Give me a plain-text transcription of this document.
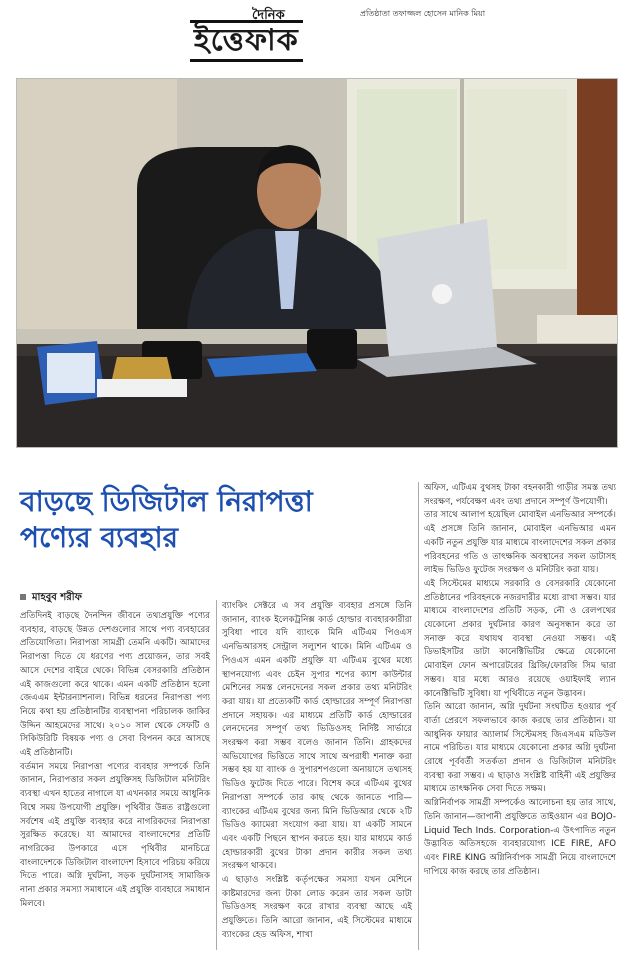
দৈনিক	প্রতিষ্ঠাতা তফাজ্জল হোসেন মানিক মিয়া
ইত্তেফাক
বাড়ছে ডিজিটাল নিরাপত্তা
পণ্যের ব্যবহার
মাহবুব শরীফ

প্রতিদিনই বাড়ছে দৈনন্দিন জীবনে তথ্যপ্রযুক্তি পণ্যের ব্যবহার, বাড়ছে উন্নত দেশগুলোর সাথে পণ্য ব্যবহারের প্রতিযোগিতা। নিরাপত্তা সামগ্রী তেমনি একটি। আমাদের নিরাপত্তা দিতে যে ধরণের পণ্য প্রয়োজন, তার সবই আসে দেশের বাইরে থেকে। বিভিন্ন বেসরকারি প্রতিষ্ঠান এই কাজগুলো করে থাকে। এমন একটি প্রতিষ্ঠান হলো জেএএম ইন্টারন্যাশনাল। বিভিন্ন ধরনের নিরাপত্তা পণ্য নিয়ে কথা হয় প্রতিষ্ঠানটির ব্যবস্থাপনা পরিচালক জাকির উদ্দিন আহমেদের সাথে। ২০১০ সাল থেকে সেফটি ও সিকিউরিটি বিষয়ক পণ্য ও সেবা বিপনন করে আসছে এই প্রতিষ্ঠানটি।

বর্তমান সময়ে নিরাপত্তা পণ্যের ব্যবহার সম্পর্কে তিনি জানান, নিরাপত্তার সকল প্রযুক্তিসহ ডিজিটাল মনিটরিং ব্যবস্থা এখন হাতের নাগালে যা এখনকার সময়ে আধুনিক বিশ্বে সময় উপযোগী প্রযুক্তি। পৃথিবীর উন্নত রাষ্ট্রগুলো সর্বশেষ এই প্রযুক্তি ব্যবহার করে নাগরিকদের নিরাপত্তা সুরক্ষিত করেছে। যা আমাদের বাংলাদেশের প্রতিটি নাগরিকের উপকারে এসে পৃথিবীর মানচিত্রে বাংলাদেশকে ডিজিটাল বাংলাদেশ হিসাবে পরিচয় করিয়ে দিতে পারে। অগ্নি দুর্ঘটনা, সড়ক দুর্ঘটনাসহ সামাজিক নানা প্রকার সমস্যা সমাধানে এই প্রযুক্তি ব্যবহারে সমাধান মিলবে।

ব্যাংকিং সেক্টরে এ সব প্রযুক্তি ব্যবহার প্রসঙ্গে তিনি জানান, ব্যাংক ইলেকট্রনিক্স কার্ড হোল্ডার ব্যবহারকারীরা সুবিধা পাবে যদি ব্যাংকে মিনি এটিএম পিওএস এনভিআরসহ সেন্ট্রাল সল্যুশন থাকে। মিনি এটিএম ও পিওএস এমন একটি প্রযুক্তি যা এটিএম বুথের মধ্যে স্থাপনযোগ্য এবং চেইন সুপার শপের ক্যাশ কাউন্টার মেশিনের সমস্ত লেনদেনের সকল প্রকার তথ্য মনিটরিং করা যায়। যা প্রত্যেকটি কার্ড হোল্ডারের সম্পূর্ণ নিরাপত্তা প্রদানে সহায়ক। এর মাধ্যমে প্রতিটি কার্ড হোল্ডারের লেনদেনের সম্পূর্ণ তথ্য ভিডিওসহ নির্দিষ্ট সার্ভারে সংরক্ষণ করা সম্ভব বলেও জানান তিনি। গ্রাহকদের অভিযোগের ভিত্তিতে সাথে সাথে অপরাধী শনাক্ত করা সম্ভব হয় যা ব্যাংক ও সুপারশপগুলো অনায়াসে তথ্যসহ ভিডিও ফুটেজ দিতে পারে। বিশেষ করে এটিএম বুথের নিরাপত্তা সম্পর্কে তার কাছ থেকে জানতে পারি—ব্যাংকের এটিএম বুথের জন্য মিনি ভিডিআর থেকে ২টি ভিডিও ক্যামেরা সংযোগ করা যায়। যা একটি সামনে এবং একটি পিছনে স্থাপন করতে হয়। যার মাধ্যমে কার্ড হোল্ডারকারী বুথের টাকা প্রদান কারীর সকল তথ্য সংরক্ষণ থাকবে।

এ ছাড়াও সংশ্লিষ্ট কর্তৃপক্ষের সমস্যা যখন মেশিনে কাষ্টমারদের জন্য টাকা লোড করেন তার সকল ডাটা ভিডিওসহ সংরক্ষণ করে রাখার ব্যবস্থা আছে এই প্রযুক্তিতে। তিনি আরো জানান, এই সিস্টেমের মাধ্যমে ব্যাংকের হেড অফিস, শাখা

অফিস, এটিএম বুথসহ টাকা বহনকারী গাড়ীর সমস্ত তথ্য সংরক্ষণ, পর্যবেক্ষণ এবং তথ্য প্রদানে সম্পূর্ণ উপযোগী।

তার সাথে আলাপ হয়েছিল মোবাইল এনভিআর সম্পর্কে। এই প্রসঙ্গে তিনি জানান, মোবাইল এনভিআর এমন একটি নতুন প্রযুক্তি যার মাধ্যমে বাংলাদেশের সকল প্রকার পরিবহনের গতি ও তাৎক্ষনিক অবস্থানের সকল ডাটাসহ লাইভ ভিডিও ফুটেজ সংরক্ষণ ও মনিটরিং করা যায়।

এই সিস্টেমের মাধ্যমে সরকারি ও বেসরকারি যেকোনো প্রতিষ্ঠানের পরিবহনকে নজরদারীর মধ্যে রাখা সম্ভব। যার মাধ্যমে বাংলাদেশের প্রতিটি সড়ক, নৌ ও রেলপথের যেকোনো প্রকার দুর্ঘটনার কারণ অনুসন্ধান করে তা সনাক্ত করে যথাযথ ব্যবস্থা নেওয়া সম্ভব। এই ডিভাইসটির ডাটা কানেক্টিভিটির ক্ষেত্রে যেকোনো মোবাইল ফোন অপারেটরের থ্রিজি/ফোরজি সিম দ্বারা সম্ভব। যার মধ্যে আরও রয়েছে ওয়াইফাই ল্যান কানেক্টিভিটি সুবিধা। যা পৃথিবীতে নতুন উদ্ভাবন।

তিনি আরো জানান, অগ্নি দুর্ঘটনা সংঘটিত হওয়ার পূর্ব বার্তা প্রেরণে সফলভাবে কাজ করছে তার প্রতিষ্ঠান। যা আধুনিক ফায়ার অ্যালার্ম সিস্টেমসহ জিএসএম মডিউল নামে পরিচিত। যার মাধ্যমে যেকোনো প্রকার অগ্নি দুর্ঘটনা রোধে পূর্ববর্তী সতর্কতা প্রদান ও ডিজিটাল মনিটরিং ব্যবস্থা করা সম্ভব। এ ছাড়াও সংশ্লিষ্ট বাহিনী এই প্রযুক্তির মাধ্যমে তাৎক্ষনিক সেবা দিতে সক্ষম।

অগ্নিনির্বাপক সামগ্রী সম্পর্কেও আলোচনা হয় তার সাথে, তিনি জানান—জাপানী প্রযুক্তিতে তাইওয়ান এর BOJO-Liquid Tech Inds. Corporation-এ উৎপাদিত নতুন উদ্ভাবিত অতিসহজে ব্যবহারযোগ্য ICE FIRE, AFO এবং FIRE KING অগ্নিনির্বাপক সামগ্রী নিয়ে বাংলাদেশে দাপিয়ে কাজ করছে তার প্রতিষ্ঠান।
